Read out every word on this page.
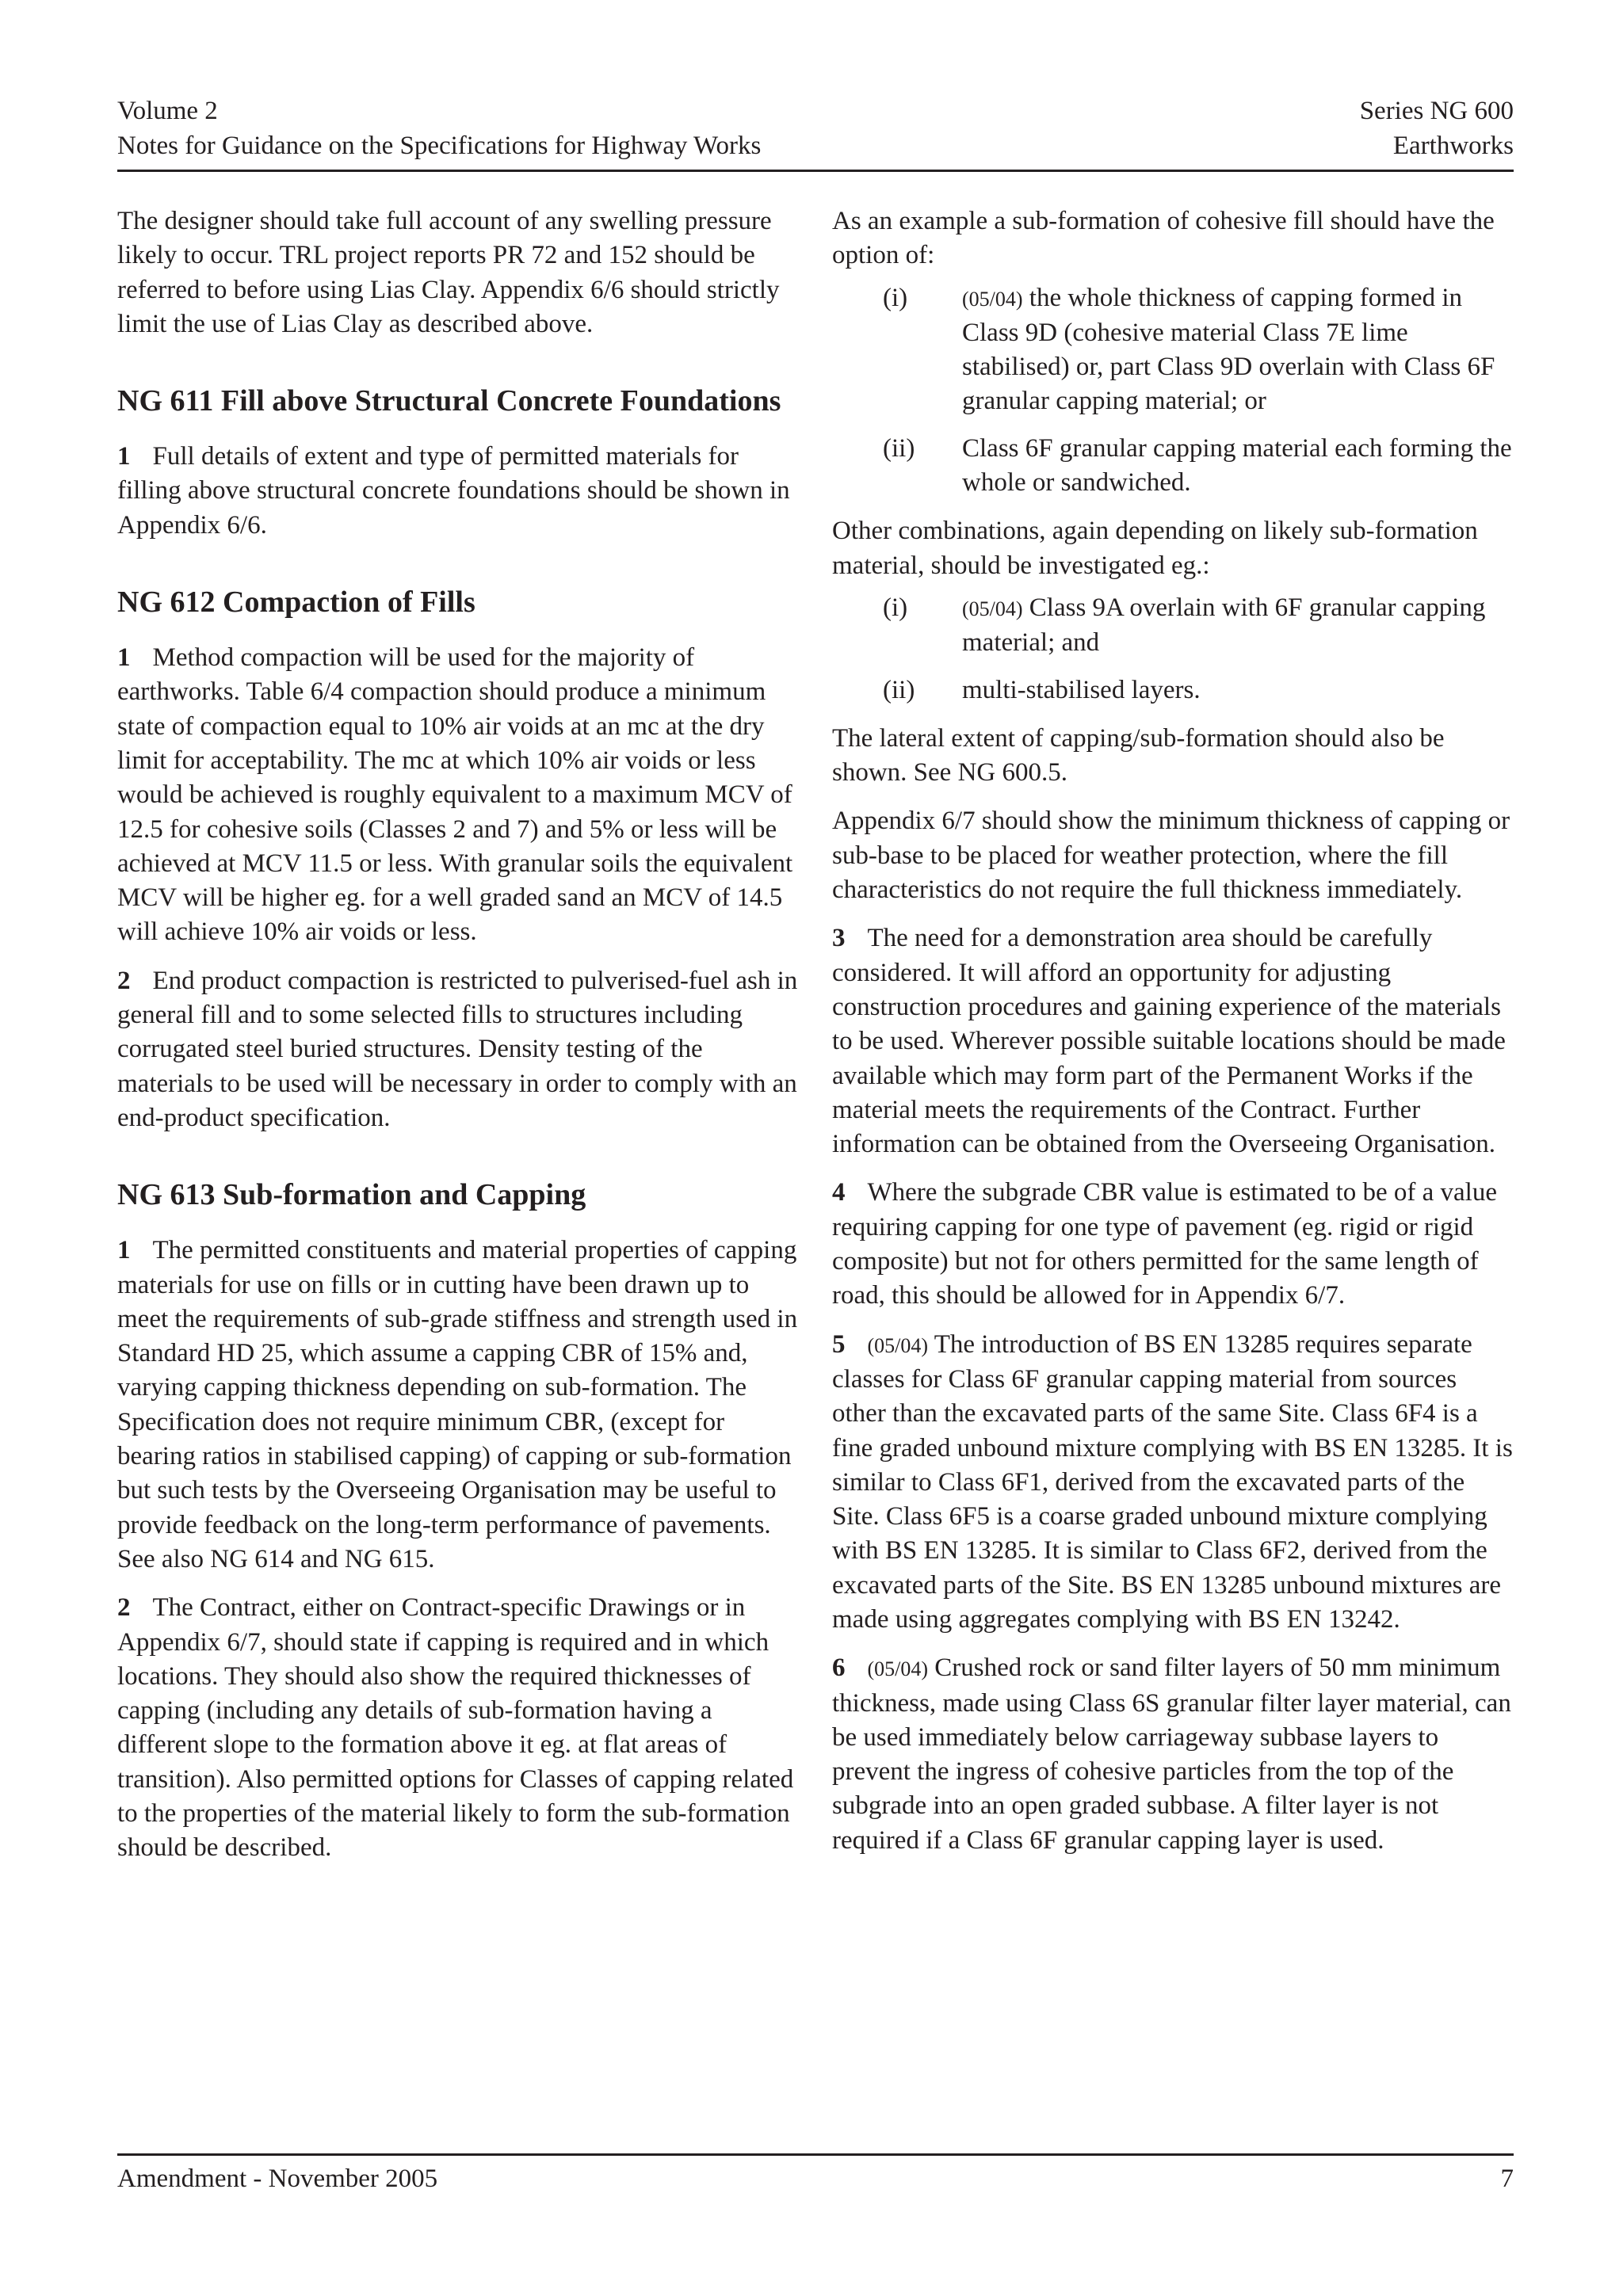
Volume 2
Notes for Guidance on the Specifications for Highway Works
Series NG 600
Earthworks

The designer should take full account of any swelling pressure likely to occur. TRL project reports PR 72 and 152 should be referred to before using Lias Clay. Appendix 6/6 should strictly limit the use of Lias Clay as described above.

NG 611 Fill above Structural Concrete Foundations

1 Full details of extent and type of permitted materials for filling above structural concrete foundations should be shown in Appendix 6/6.

NG 612 Compaction of Fills

1 Method compaction will be used for the majority of earthworks. Table 6/4 compaction should produce a minimum state of compaction equal to 10% air voids at an mc at the dry limit for acceptability. The mc at which 10% air voids or less would be achieved is roughly equivalent to a maximum MCV of 12.5 for cohesive soils (Classes 2 and 7) and 5% or less will be achieved at MCV 11.5 or less. With granular soils the equivalent MCV will be higher eg. for a well graded sand an MCV of 14.5 will achieve 10% air voids or less.

2 End product compaction is restricted to pulverised-fuel ash in general fill and to some selected fills to structures including corrugated steel buried structures. Density testing of the materials to be used will be necessary in order to comply with an end-product specification.

NG 613 Sub-formation and Capping

1 The permitted constituents and material properties of capping materials for use on fills or in cutting have been drawn up to meet the requirements of sub-grade stiffness and strength used in Standard HD 25, which assume a capping CBR of 15% and, varying capping thickness depending on sub-formation. The Specification does not require minimum CBR, (except for bearing ratios in stabilised capping) of capping or sub-formation but such tests by the Overseeing Organisation may be useful to provide feedback on the long-term performance of pavements. See also NG 614 and NG 615.

2 The Contract, either on Contract-specific Drawings or in Appendix 6/7, should state if capping is required and in which locations. They should also show the required thicknesses of capping (including any details of sub-formation having a different slope to the formation above it eg. at flat areas of transition). Also permitted options for Classes of capping related to the properties of the material likely to form the sub-formation should be described.

As an example a sub-formation of cohesive fill should have the option of:

(i)	(05/04) the whole thickness of capping formed in Class 9D (cohesive material Class 7E lime stabilised) or, part Class 9D overlain with Class 6F granular capping material; or
(ii) Class 6F granular capping material each forming the whole or sandwiched.

Other combinations, again depending on likely sub-formation material, should be investigated eg.:

(i)	(05/04) Class 9A overlain with 6F granular capping material; and
(ii) multi-stabilised layers.

The lateral extent of capping/sub-formation should also be shown. See NG 600.5.

Appendix 6/7 should show the minimum thickness of capping or sub-base to be placed for weather protection, where the fill characteristics do not require the full thickness immediately.

3 The need for a demonstration area should be carefully considered. It will afford an opportunity for adjusting construction procedures and gaining experience of the materials to be used. Wherever possible suitable locations should be made available which may form part of the Permanent Works if the material meets the requirements of the Contract. Further information can be obtained from the Overseeing Organisation.

4 Where the subgrade CBR value is estimated to be of a value requiring capping for one type of pavement (eg. rigid or rigid composite) but not for others permitted for the same length of road, this should be allowed for in Appendix 6/7.

5 (05/04) The introduction of BS EN 13285 requires separate classes for Class 6F granular capping material from sources other than the excavated parts of the same Site. Class 6F4 is a fine graded unbound mixture complying with BS EN 13285. It is similar to Class 6F1, derived from the excavated parts of the Site. Class 6F5 is a coarse graded unbound mixture complying with BS EN 13285. It is similar to Class 6F2, derived from the excavated parts of the Site. BS EN 13285 unbound mixtures are made using aggregates complying with BS EN 13242.

6 (05/04) Crushed rock or sand filter layers of 50 mm minimum thickness, made using Class 6S granular filter layer material, can be used immediately below carriageway subbase layers to prevent the ingress of cohesive particles from the top of the subgrade into an open graded subbase. A filter layer is not required if a Class 6F granular capping layer is used.

Amendment - November 2005	7
